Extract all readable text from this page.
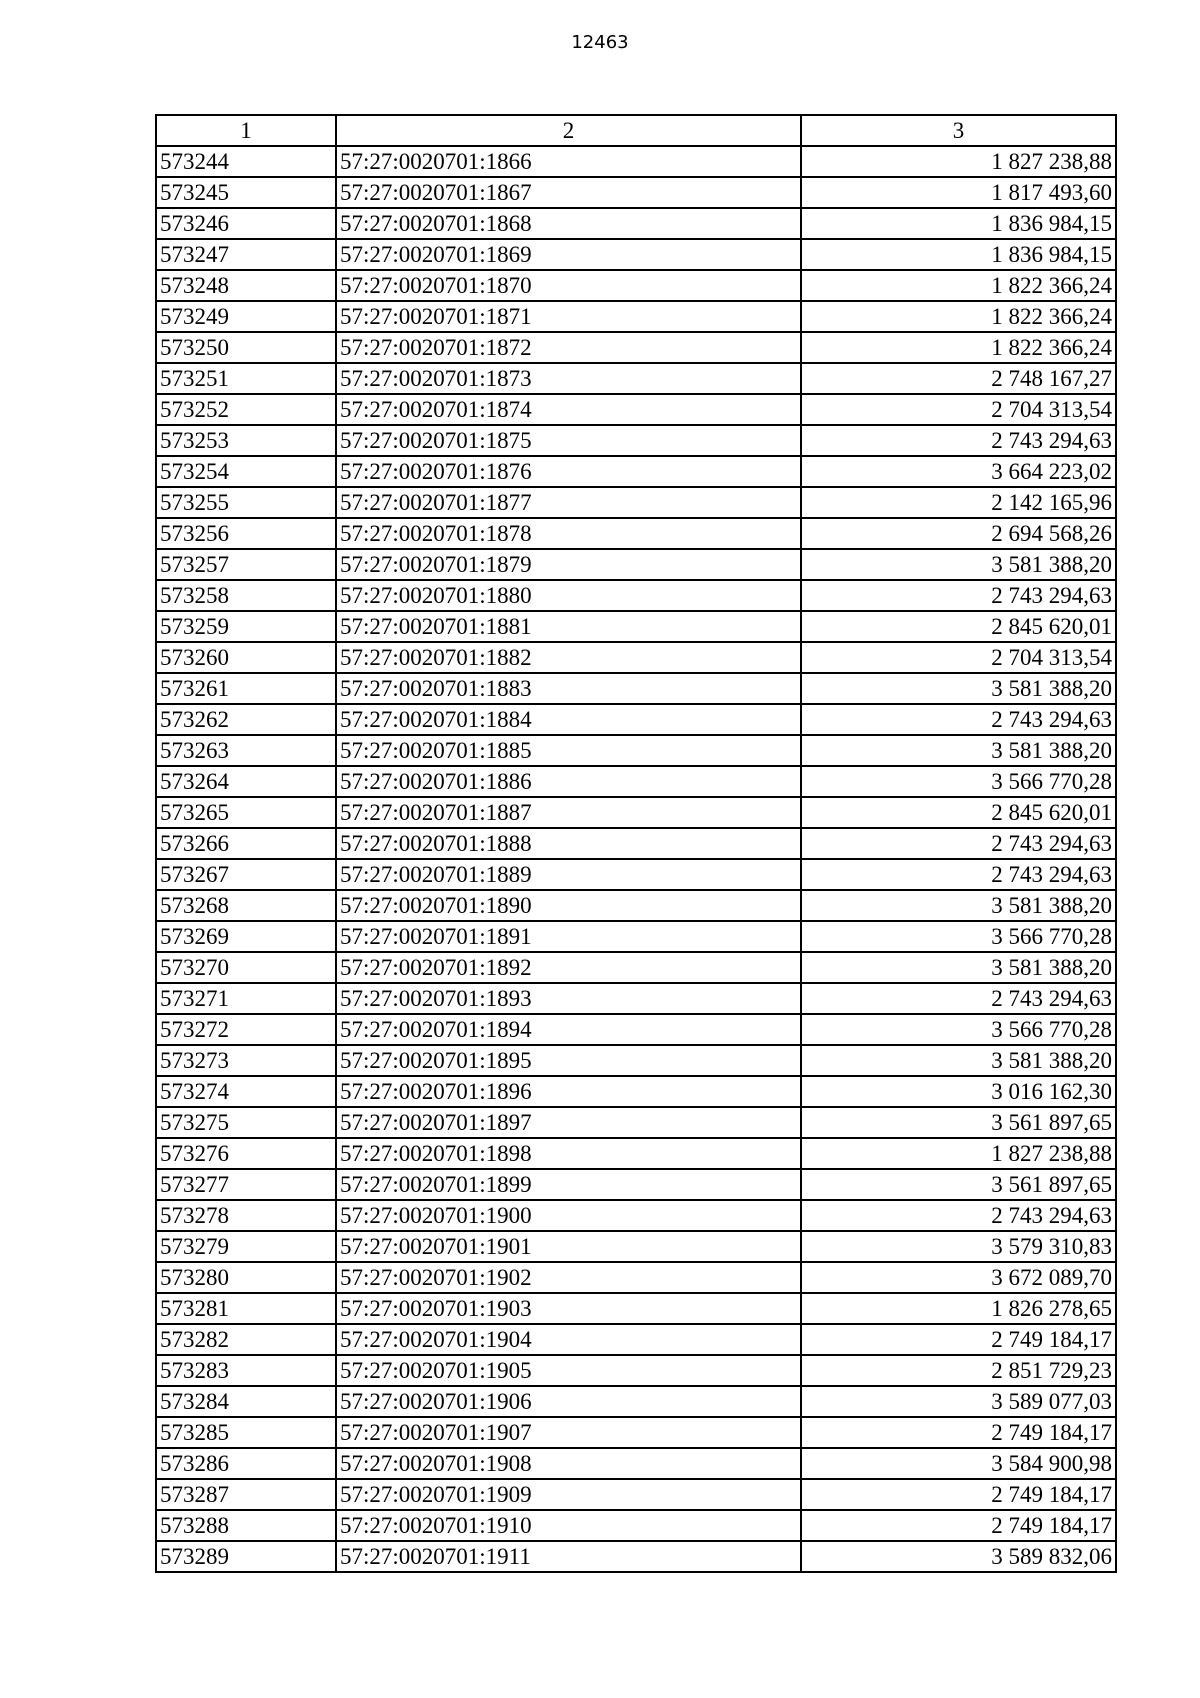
12463
1	2	3
573244	57:27:0020701:1866	1 827 238,88
573245	57:27:0020701:1867	1 817 493,60
573246	57:27:0020701:1868	1 836 984,15
573247	57:27:0020701:1869	1 836 984,15
573248	57:27:0020701:1870	1 822 366,24
573249	57:27:0020701:1871	1 822 366,24
573250	57:27:0020701:1872	1 822 366,24
573251	57:27:0020701:1873	2 748 167,27
573252	57:27:0020701:1874	2 704 313,54
573253	57:27:0020701:1875	2 743 294,63
573254	57:27:0020701:1876	3 664 223,02
573255	57:27:0020701:1877	2 142 165,96
573256	57:27:0020701:1878	2 694 568,26
573257	57:27:0020701:1879	3 581 388,20
573258	57:27:0020701:1880	2 743 294,63
573259	57:27:0020701:1881	2 845 620,01
573260	57:27:0020701:1882	2 704 313,54
573261	57:27:0020701:1883	3 581 388,20
573262	57:27:0020701:1884	2 743 294,63
573263	57:27:0020701:1885	3 581 388,20
573264	57:27:0020701:1886	3 566 770,28
573265	57:27:0020701:1887	2 845 620,01
573266	57:27:0020701:1888	2 743 294,63
573267	57:27:0020701:1889	2 743 294,63
573268	57:27:0020701:1890	3 581 388,20
573269	57:27:0020701:1891	3 566 770,28
573270	57:27:0020701:1892	3 581 388,20
573271	57:27:0020701:1893	2 743 294,63
573272	57:27:0020701:1894	3 566 770,28
573273	57:27:0020701:1895	3 581 388,20
573274	57:27:0020701:1896	3 016 162,30
573275	57:27:0020701:1897	3 561 897,65
573276	57:27:0020701:1898	1 827 238,88
573277	57:27:0020701:1899	3 561 897,65
573278	57:27:0020701:1900	2 743 294,63
573279	57:27:0020701:1901	3 579 310,83
573280	57:27:0020701:1902	3 672 089,70
573281	57:27:0020701:1903	1 826 278,65
573282	57:27:0020701:1904	2 749 184,17
573283	57:27:0020701:1905	2 851 729,23
573284	57:27:0020701:1906	3 589 077,03
573285	57:27:0020701:1907	2 749 184,17
573286	57:27:0020701:1908	3 584 900,98
573287	57:27:0020701:1909	2 749 184,17
573288	57:27:0020701:1910	2 749 184,17
573289	57:27:0020701:1911	3 589 832,06
